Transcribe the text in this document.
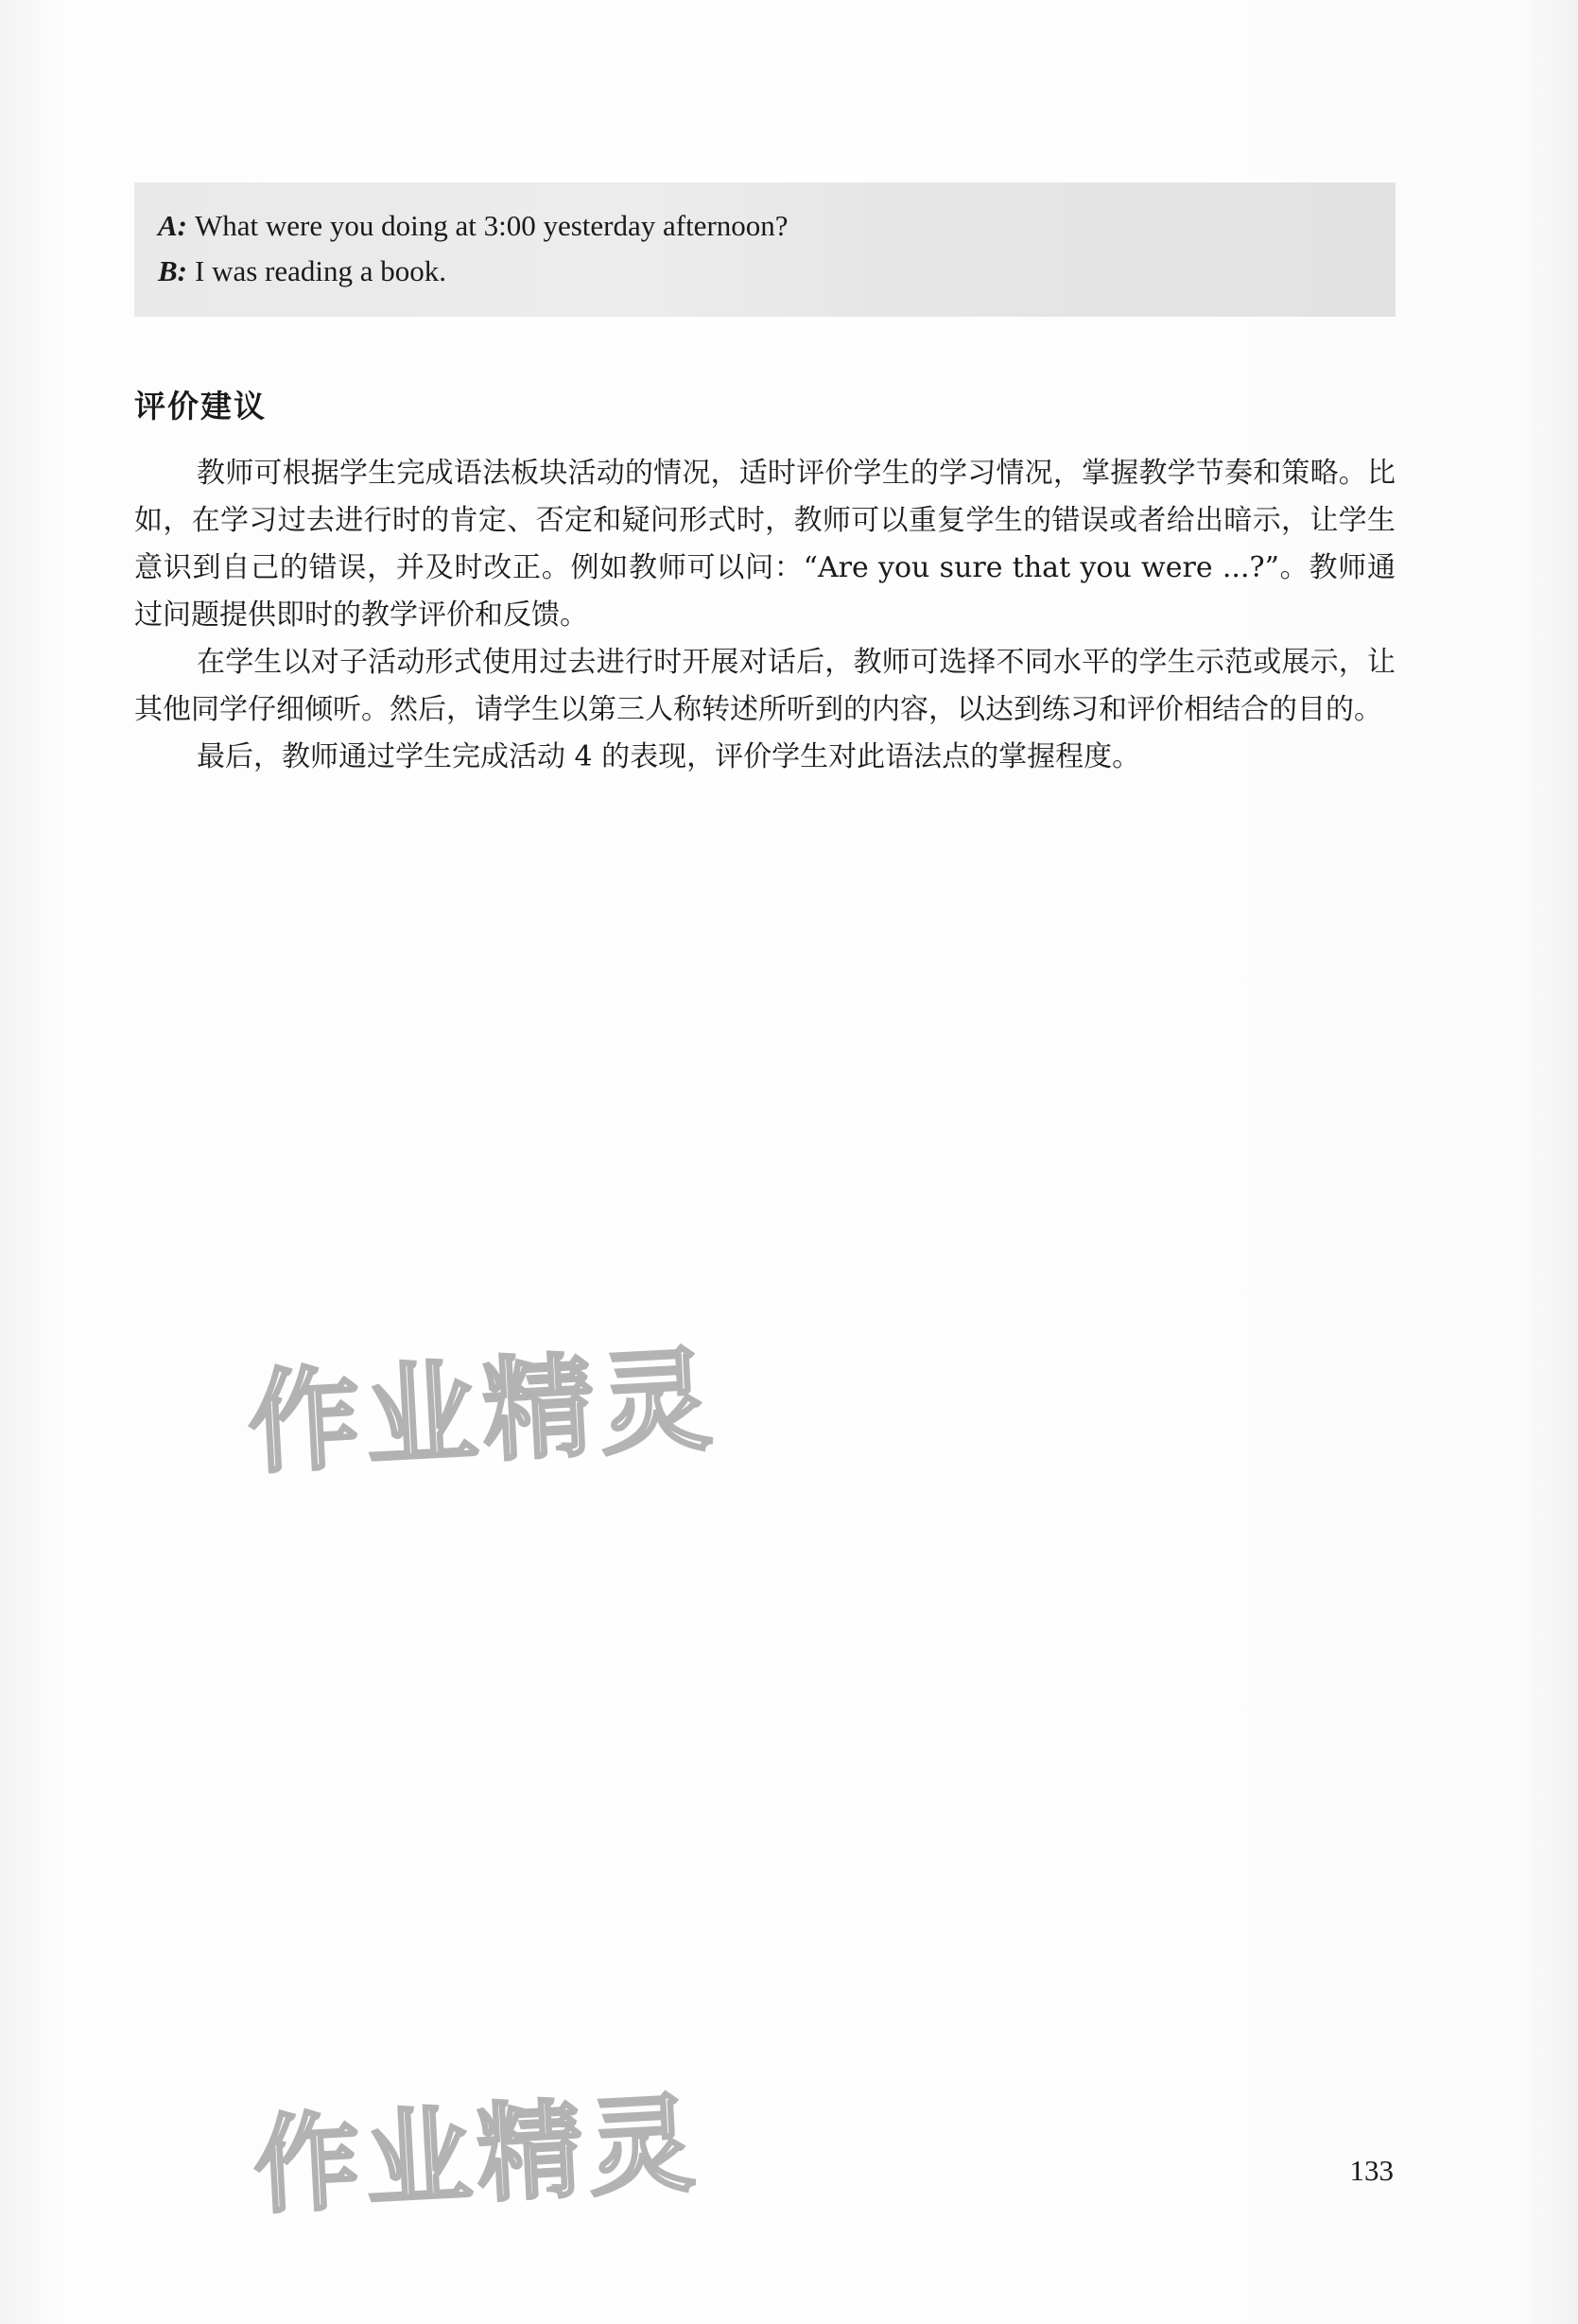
A: What were you doing at 3:00 yesterday afternoon?
B: I was reading a book.
评价建议

教师可根据学生完成语法板块活动的情况，适时评价学生的学习情况，掌握教学节奏和策略。比如，在学习过去进行时的肯定、否定和疑问形式时，教师可以重复学生的错误或者给出暗示，让学生意识到自己的错误，并及时改正。例如教师可以问：“Are you sure that you were ...?”。教师通过问题提供即时的教学评价和反馈。

在学生以对子活动形式使用过去进行时开展对话后，教师可选择不同水平的学生示范或展示，让其他同学仔细倾听。然后，请学生以第三人称转述所听到的内容，以达到练习和评价相结合的目的。

最后，教师通过学生完成活动 4 的表现，评价学生对此语法点的掌握程度。

作业精灵
作业精灵	133
